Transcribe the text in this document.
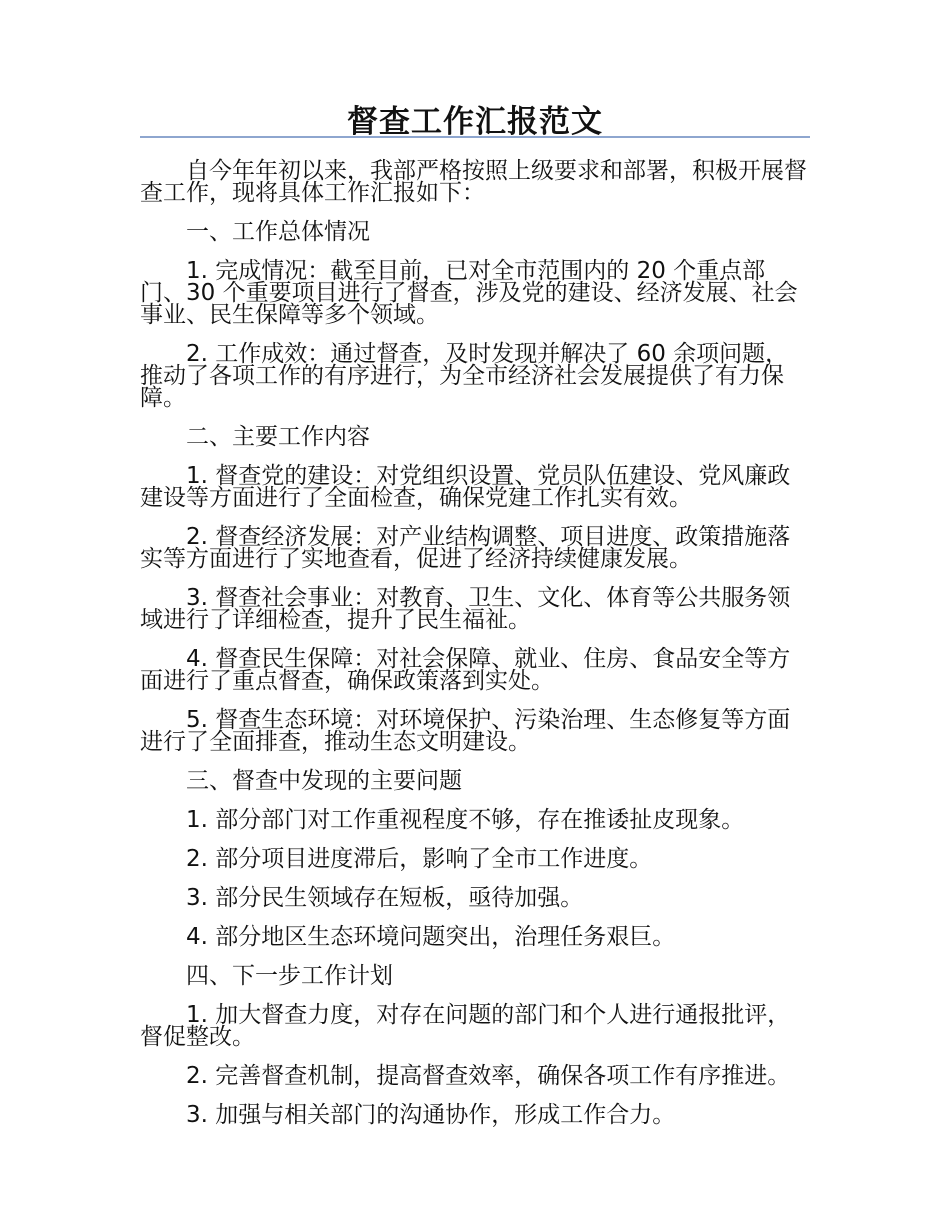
督查工作汇报范文

自今年年初以来，我部严格按照上级要求和部署，积极开展督查工作，现将具体工作汇报如下：

一、工作总体情况

1. 完成情况：截至目前，已对全市范围内的 20 个重点部门、30 个重要项目进行了督查，涉及党的建设、经济发展、社会事业、民生保障等多个领域。

2. 工作成效：通过督查，及时发现并解决了 60 余项问题，推动了各项工作的有序进行，为全市经济社会发展提供了有力保障。

二、主要工作内容

1. 督查党的建设：对党组织设置、党员队伍建设、党风廉政建设等方面进行了全面检查，确保党建工作扎实有效。

2. 督查经济发展：对产业结构调整、项目进度、政策措施落实等方面进行了实地查看，促进了经济持续健康发展。

3. 督查社会事业：对教育、卫生、文化、体育等公共服务领域进行了详细检查，提升了民生福祉。

4. 督查民生保障：对社会保障、就业、住房、食品安全等方面进行了重点督查，确保政策落到实处。

5. 督查生态环境：对环境保护、污染治理、生态修复等方面进行了全面排查，推动生态文明建设。

三、督查中发现的主要问题

1. 部分部门对工作重视程度不够，存在推诿扯皮现象。

2. 部分项目进度滞后，影响了全市工作进度。

3. 部分民生领域存在短板，亟待加强。

4. 部分地区生态环境问题突出，治理任务艰巨。

四、下一步工作计划

1. 加大督查力度，对存在问题的部门和个人进行通报批评，督促整改。

2. 完善督查机制，提高督查效率，确保各项工作有序推进。

3. 加强与相关部门的沟通协作，形成工作合力。
